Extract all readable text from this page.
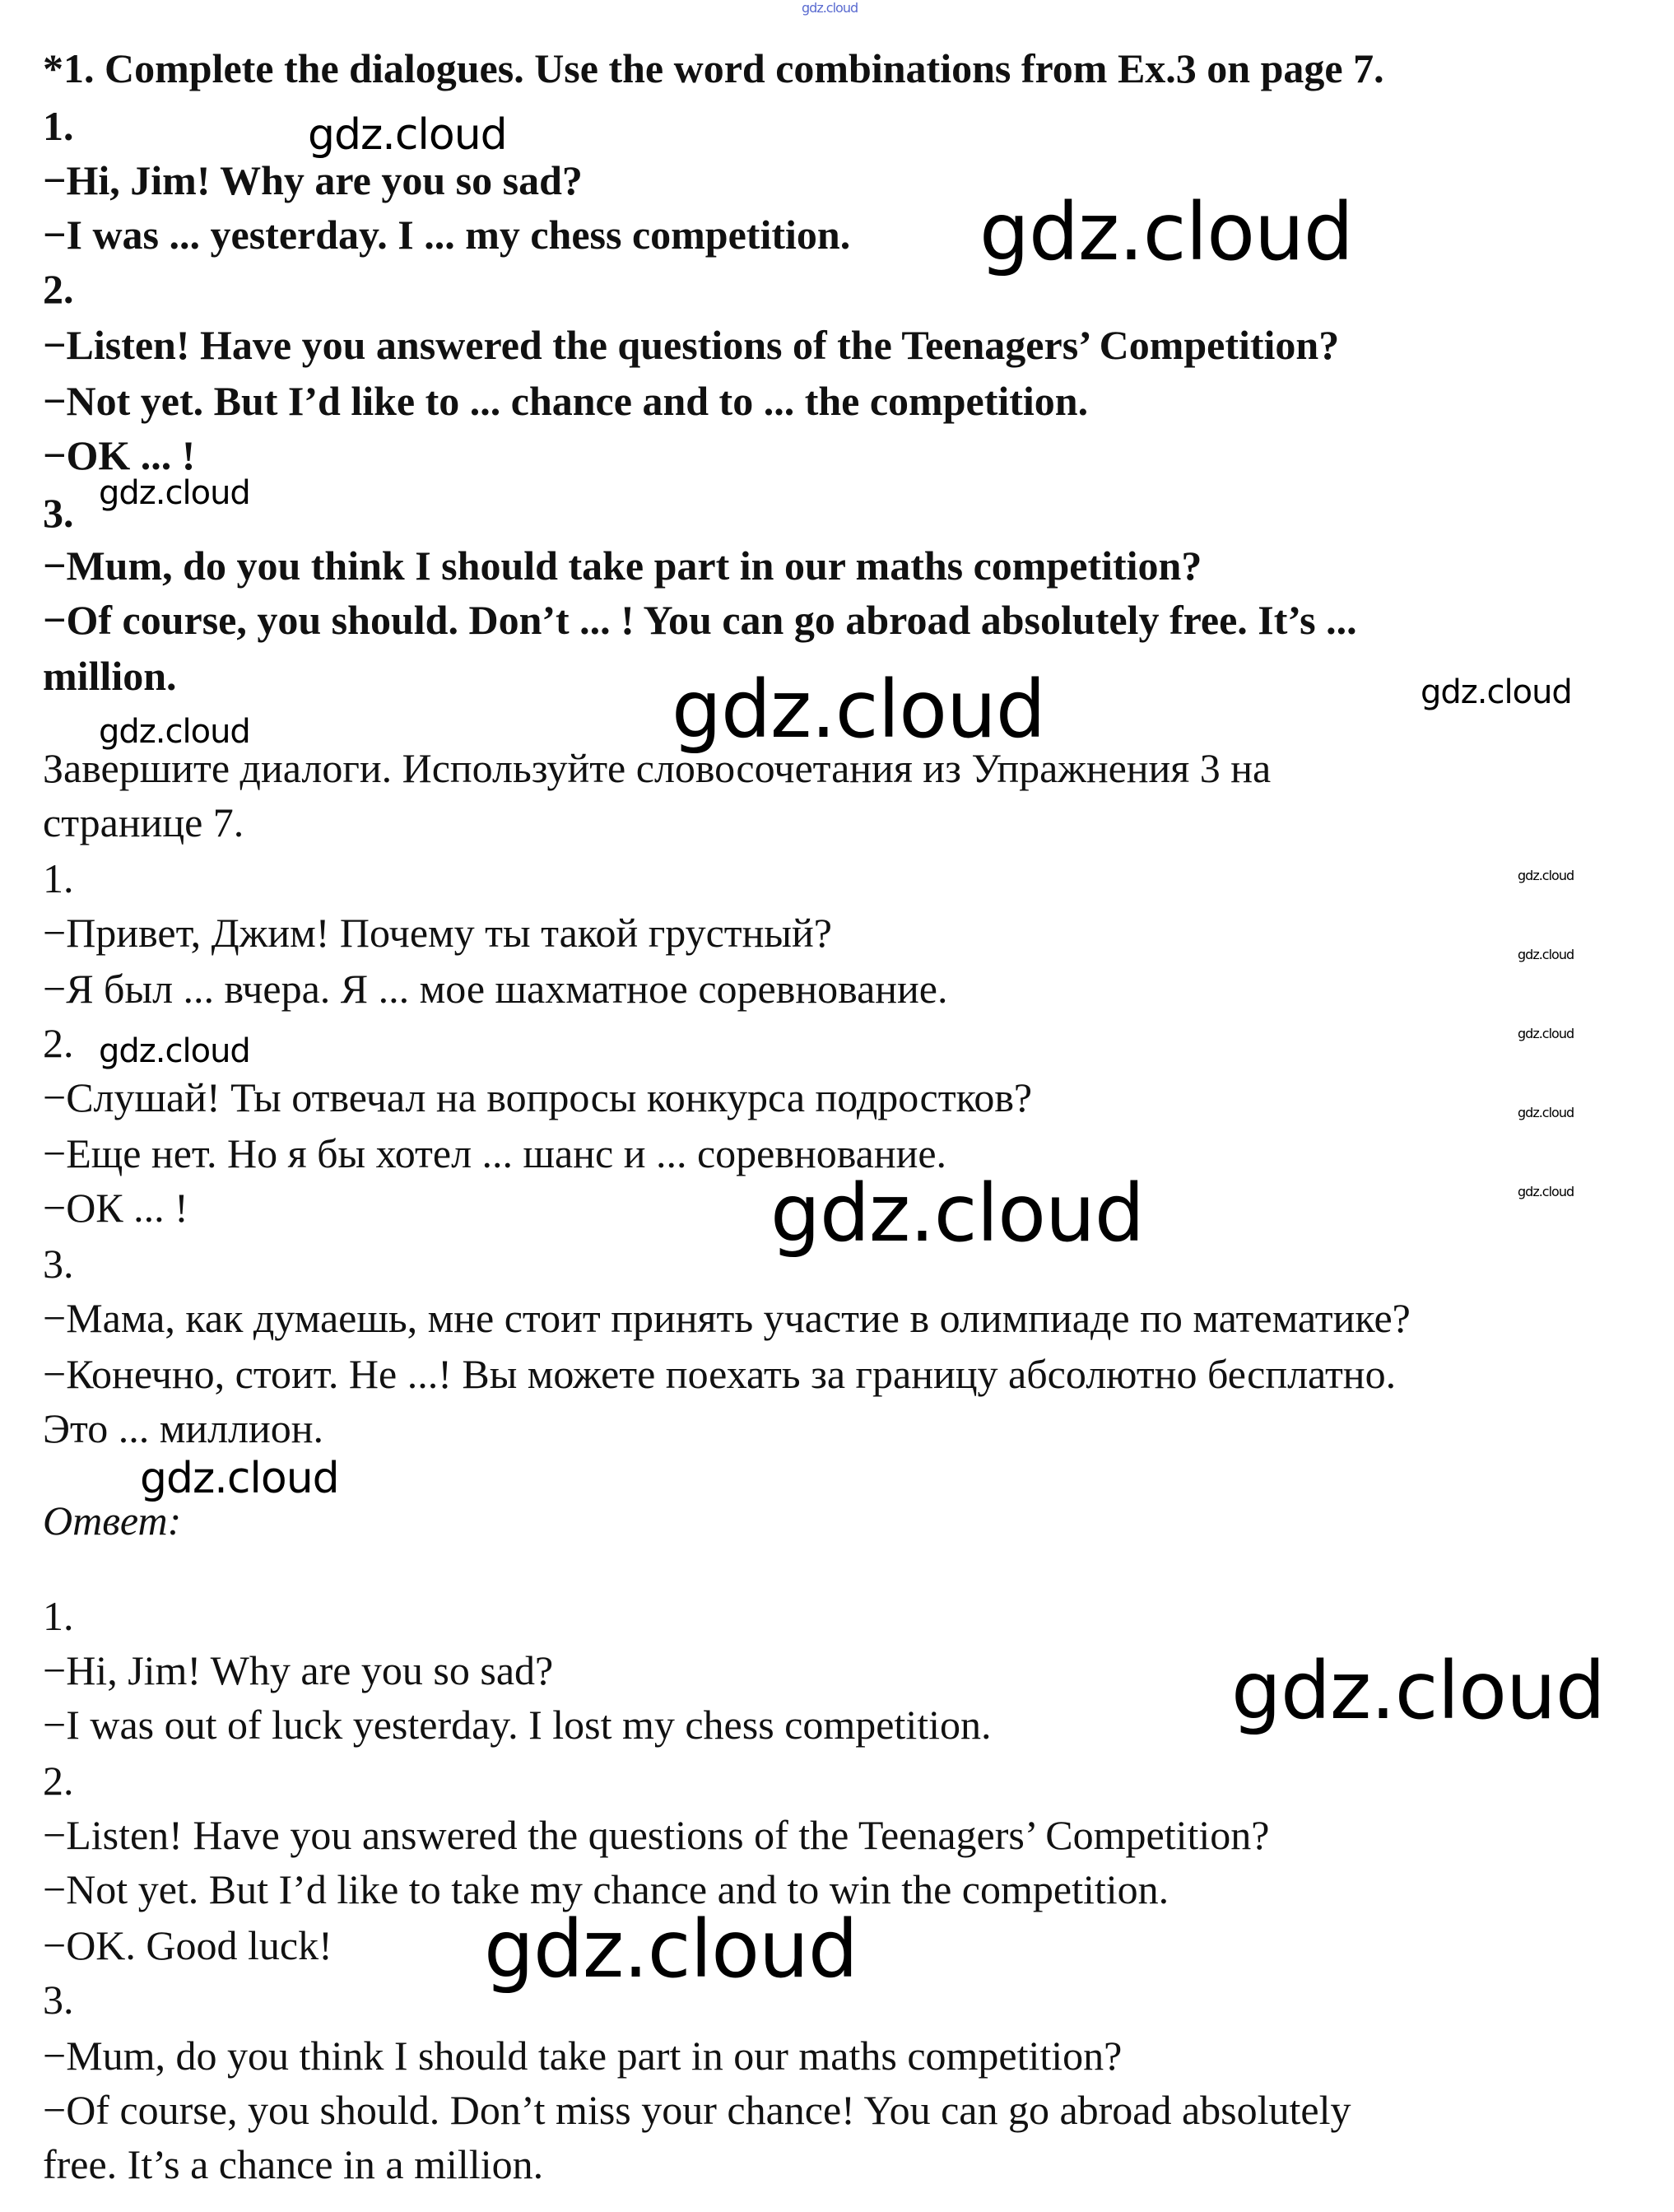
*1. Complete the dialogues. Use the word combinations from Ex.3 on page 7.
1.
−Hi, Jim! Why are you so sad?
−I was ... yesterday. I ... my chess competition.
2.
−Listen! Have you answered the questions of the Teenagers’ Competition?
−Not yet. But I’d like to ... chance and to ... the competition.
−OK ... !
3.
−Mum, do you think I should take part in our maths competition?
−Of course, you should. Don’t ... ! You can go abroad absolutely free. It’s ...
million.
Завершите диалоги. Используйте словосочетания из Упражнения 3 на
странице 7.
1.
−Привет, Джим! Почему ты такой грустный?
−Я был ... вчера. Я ... мое шахматное соревнование.
2.
−Слушай! Ты отвечал на вопросы конкурса подростков?
−Еще нет. Но я бы хотел ... шанс и ... соревнование.
−ОК ... !
3.
−Мама, как думаешь, мне стоит принять участие в олимпиаде по математике?
−Конечно, стоит. Не ...! Вы можете поехать за границу абсолютно бесплатно.
Это ... миллион.
Ответ:
1.
−Hi, Jim! Why are you so sad?
−I was out of luck yesterday. I lost my chess competition.
2.
−Listen! Have you answered the questions of the Teenagers’ Competition?
−Not yet. But I’d like to take my chance and to win the competition.
−OK. Good luck!
3.
−Mum, do you think I should take part in our maths competition?
−Of course, you should. Don’t miss your chance! You can go abroad absolutely
free. It’s a chance in a million.
gdz.cloud
gdz.cloud
gdz.cloud
gdz.cloud
gdz.cloud	gdz.cloud
gdz.cloud
gdz.cloud
gdz.cloud
gdz.cloud
gdz.cloud
gdz.cloud
gdz.cloud
gdz.cloud
gdz.cloud
gdz.cloud
gdz.cloud
